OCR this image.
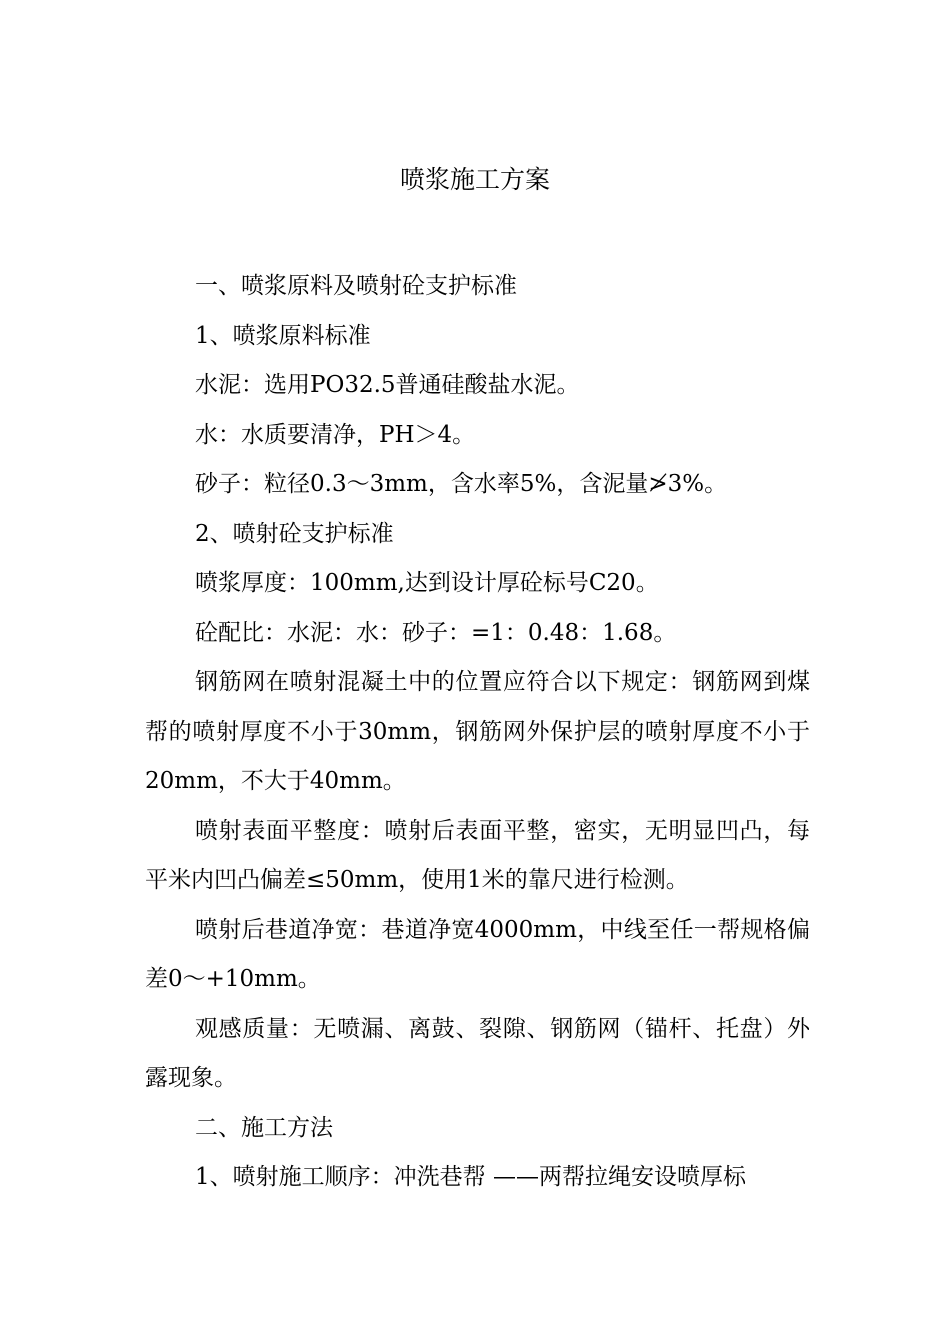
喷浆施工方案

一、喷浆原料及喷射砼支护标准

1、喷浆原料标准

水泥：选用PO32.5普通硅酸盐水泥。

水：水质要清净，PH＞4。

砂子：粒径0.3～3mm，含水率5%，含泥量≯3%。

2、喷射砼支护标准

喷浆厚度：100mm,达到设计厚砼标号C20。

砼配比：水泥：水：砂子：=1：0.48：1.68。

钢筋网在喷射混凝土中的位置应符合以下规定：钢筋网到煤帮的喷射厚度不小于30mm，钢筋网外保护层的喷射厚度不小于20mm，不大于40mm。

喷射表面平整度：喷射后表面平整，密实，无明显凹凸，每平米内凹凸偏差≤50mm，使用1米的靠尺进行检测。

喷射后巷道净宽：巷道净宽4000mm，中线至任一帮规格偏差0～+10mm。

观感质量：无喷漏、离鼓、裂隙、钢筋网（锚杆、托盘）外露现象。

二、施工方法

1、喷射施工顺序：冲洗巷帮 ——两帮拉绳安设喷厚标
